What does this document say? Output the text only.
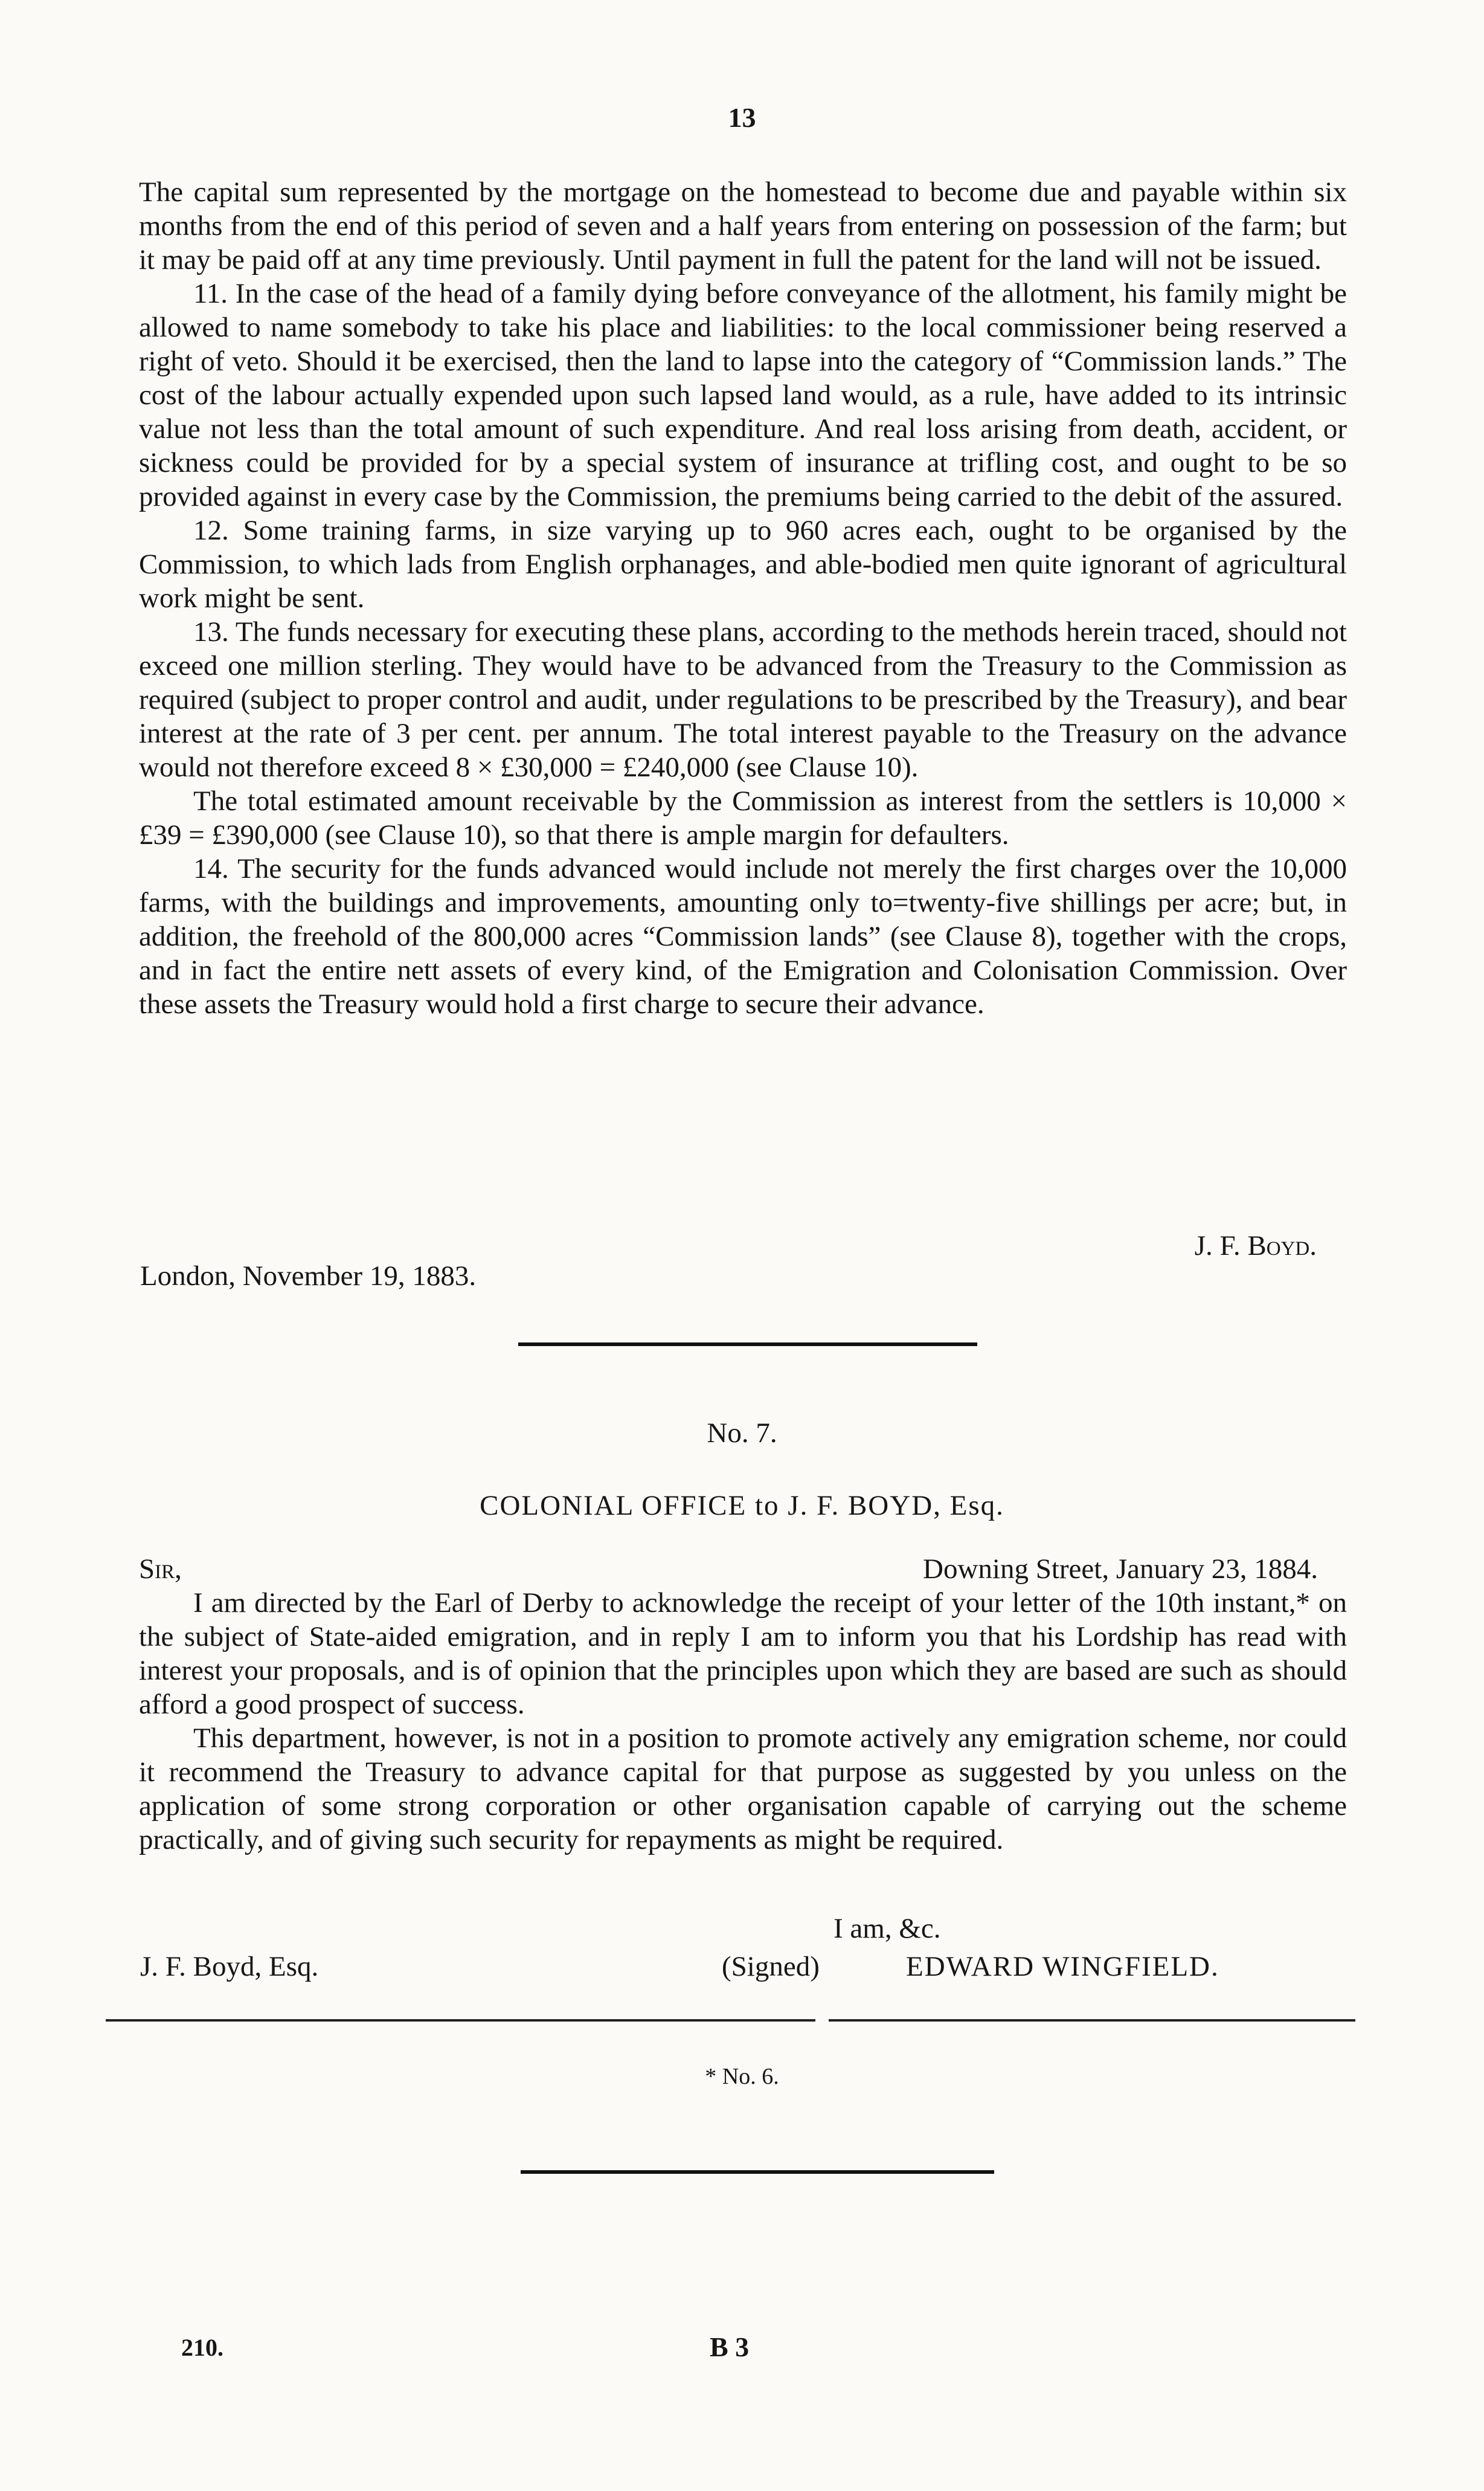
13

The capital sum represented by the mortgage on the homestead to become due and payable within six months from the end of this period of seven and a half years from entering on possession of the farm; but it may be paid off at any time previously. Until payment in full the patent for the land will not be issued.

11. In the case of the head of a family dying before conveyance of the allotment, his family might be allowed to name somebody to take his place and liabilities: to the local commissioner being reserved a right of veto. Should it be exercised, then the land to lapse into the category of “Commission lands.” The cost of the labour actually expended upon such lapsed land would, as a rule, have added to its intrinsic value not less than the total amount of such expenditure. And real loss arising from death, accident, or sickness could be provided for by a special system of insurance at trifling cost, and ought to be so provided against in every case by the Commission, the premiums being carried to the debit of the assured.

12. Some training farms, in size varying up to 960 acres each, ought to be organised by the Commission, to which lads from English orphanages, and able-bodied men quite ignorant of agricultural work might be sent.

13. The funds necessary for executing these plans, according to the methods herein traced, should not exceed one million sterling. They would have to be advanced from the Treasury to the Commission as required (subject to proper control and audit, under regulations to be prescribed by the Treasury), and bear interest at the rate of 3 per cent. per annum. The total interest payable to the Treasury on the advance would not therefore exceed 8 × £30,000 = £240,000 (see Clause 10).

The total estimated amount receivable by the Commission as interest from the settlers is 10,000 × £39 = £390,000 (see Clause 10), so that there is ample margin for defaulters.

14. The security for the funds advanced would include not merely the first charges over the 10,000 farms, with the buildings and improvements, amounting only to=twenty-five shillings per acre; but, in addition, the freehold of the 800,000 acres “Commission lands” (see Clause 8), together with the crops, and in fact the entire nett assets of every kind, of the Emigration and Colonisation Commission. Over these assets the Treasury would hold a first charge to secure their advance.

J. F. Boyd.
London, November 19, 1883.
No. 7.
COLONIAL OFFICE to J. F. BOYD, Esq.
Sir,	Downing Street, January 23, 1884.

I am directed by the Earl of Derby to acknowledge the receipt of your letter of the 10th instant,* on the subject of State-aided emigration, and in reply I am to inform you that his Lordship has read with interest your proposals, and is of opinion that the principles upon which they are based are such as should afford a good prospect of success.

This department, however, is not in a position to promote actively any emigration scheme, nor could it recommend the Treasury to advance capital for that purpose as suggested by you unless on the application of some strong corporation or other organisation capable of carrying out the scheme practically, and of giving such security for repayments as might be required.

I am, &c.
J. F. Boyd, Esq.	(Signed)	EDWARD WINGFIELD.
* No. 6.
210.	B 3
